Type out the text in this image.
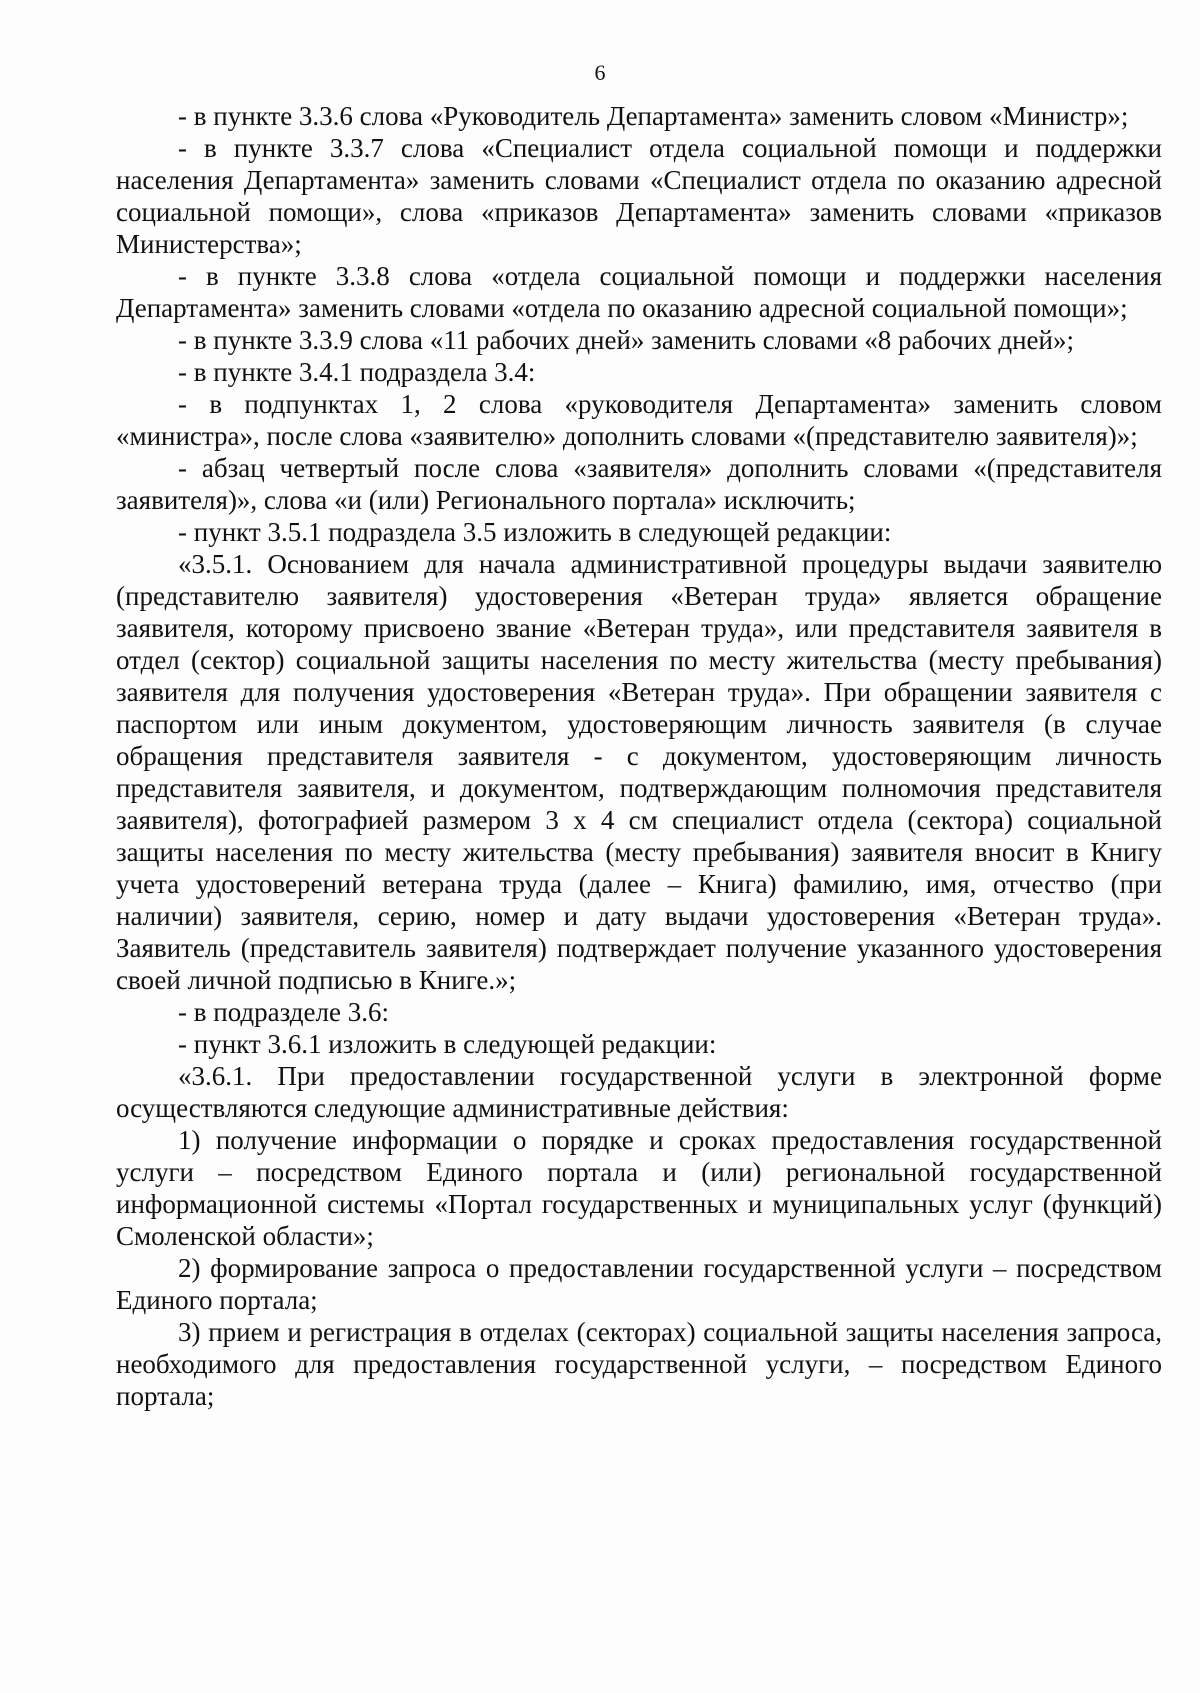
6

- в пункте 3.3.6 слова «Руководитель Департамента» заменить словом «Министр»;

- в пункте 3.3.7 слова «Специалист отдела социальной помощи и поддержки населения Департамента» заменить словами «Специалист отдела по оказанию адресной социальной помощи», слова «приказов Департамента» заменить словами «приказов Министерства»;

- в пункте 3.3.8 слова «отдела социальной помощи и поддержки населения Департамента» заменить словами «отдела по оказанию адресной социальной помощи»;

- в пункте 3.3.9 слова «11 рабочих дней» заменить словами «8 рабочих дней»;

- в пункте 3.4.1 подраздела 3.4:

- в подпунктах 1, 2 слова «руководителя Департамента» заменить словом «министра», после слова «заявителю» дополнить словами «(представителю заявителя)»;

- абзац четвертый после слова «заявителя» дополнить словами «(представителя заявителя)», слова «и (или) Регионального портала» исключить;

- пункт 3.5.1 подраздела 3.5 изложить в следующей редакции:

«3.5.1. Основанием для начала административной процедуры выдачи заявителю (представителю заявителя) удостоверения «Ветеран труда» является обращение заявителя, которому присвоено звание «Ветеран труда», или представителя заявителя в отдел (сектор) социальной защиты населения по месту жительства (месту пребывания) заявителя для получения удостоверения «Ветеран труда». При обращении заявителя с паспортом или иным документом, удостоверяющим личность заявителя (в случае обращения представителя заявителя - с документом, удостоверяющим личность представителя заявителя, и документом, подтверждающим полномочия представителя заявителя), фотографией размером 3 х 4 см специалист отдела (сектора) социальной защиты населения по месту жительства (месту пребывания) заявителя вносит в Книгу учета удостоверений ветерана труда (далее – Книга) фамилию, имя, отчество (при наличии) заявителя, серию, номер и дату выдачи удостоверения «Ветеран труда». Заявитель (представитель заявителя) подтверждает получение указанного удостоверения своей личной подписью в Книге.»;

- в подразделе 3.6:

- пункт 3.6.1 изложить в следующей редакции:

«3.6.1. При предоставлении государственной услуги в электронной форме осуществляются следующие административные действия:

1) получение информации о порядке и сроках предоставления государственной услуги – посредством Единого портала и (или) региональной государственной информационной системы «Портал государственных и муниципальных услуг (функций) Смоленской области»;

2) формирование запроса о предоставлении государственной услуги – посредством Единого портала;

3) прием и регистрация в отделах (секторах) социальной защиты населения запроса, необходимого для предоставления государственной услуги, – посредством Единого портала;
